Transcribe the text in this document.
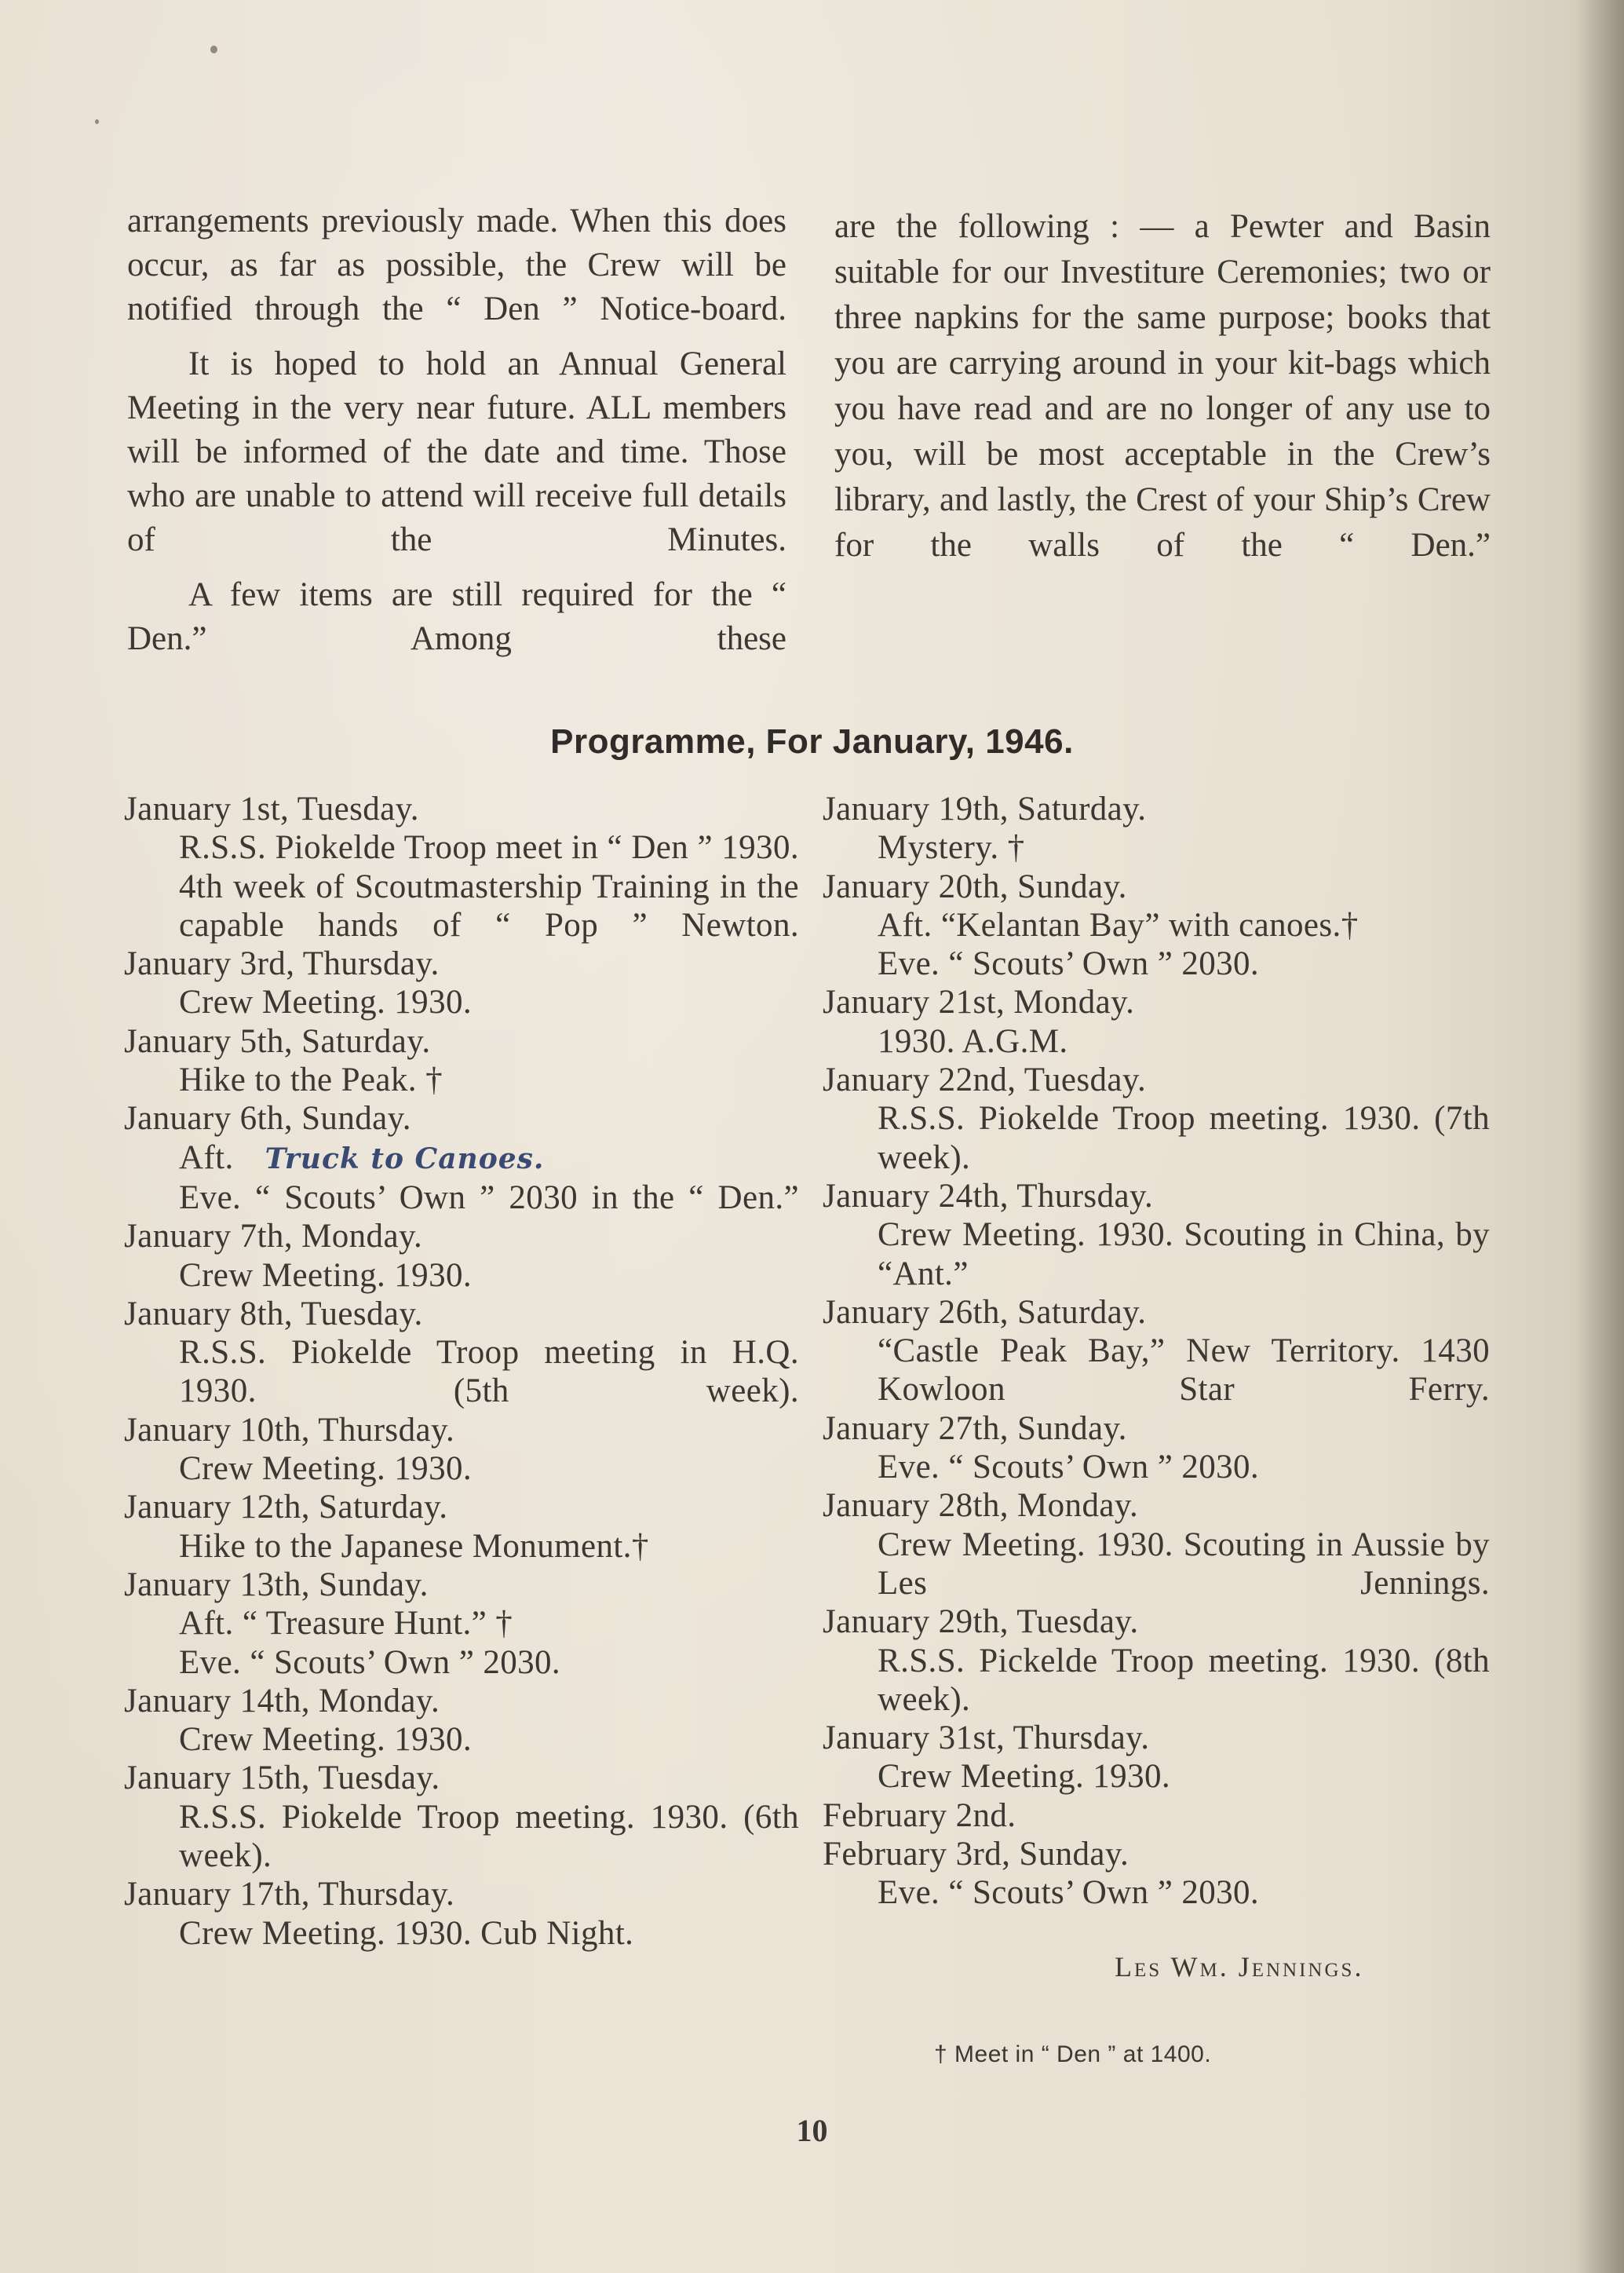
arrangements previously made. When this does occur, as far as possible, the Crew will be notified through the “ Den ” Notice-board.

It is hoped to hold an Annual General Meeting in the very near future. ALL members will be informed of the date and time. Those who are unable to attend will receive full details of the Minutes.

A few items are still required for the “ Den.” Among these

are the following : — a Pewter and Basin suitable for our Investiture Ceremonies; two or three napkins for the same purpose; books that you are carrying around in your kit-bags which you have read and are no longer of any use to you, will be most acceptable in the Crew’s library, and lastly, the Crest of your Ship’s Crew for the walls of the “ Den.”

Programme, For January, 1946.
January 1st, Tuesday.
R.S.S. Piokelde Troop meet in “ Den ” 1930.
4th week of Scoutmastership Training in the capable hands of “ Pop ” Newton.
January 3rd, Thursday.
Crew Meeting. 1930.
January 5th, Saturday.
Hike to the Peak. †
January 6th, Sunday.
Aft. Truck to Canoes.
Eve. “ Scouts’ Own ” 2030 in the “ Den.”
January 7th, Monday.
Crew Meeting. 1930.
January 8th, Tuesday.
R.S.S. Piokelde Troop meeting in H.Q. 1930. (5th week).
January 10th, Thursday.
Crew Meeting. 1930.
January 12th, Saturday.
Hike to the Japanese Monument.†
January 13th, Sunday.
Aft. “ Treasure Hunt.” †
Eve. “ Scouts’ Own ” 2030.
January 14th, Monday.
Crew Meeting. 1930.
January 15th, Tuesday.
R.S.S. Piokelde Troop meeting. 1930. (6th week).
January 17th, Thursday.
Crew Meeting. 1930. Cub Night.
January 19th, Saturday.
Mystery. †
January 20th, Sunday.
Aft. “Kelantan Bay” with canoes.†
Eve. “ Scouts’ Own ” 2030.
January 21st, Monday.
1930. A.G.M.
January 22nd, Tuesday.
R.S.S. Piokelde Troop meeting. 1930. (7th week).
January 24th, Thursday.
Crew Meeting. 1930. Scouting in China, by “Ant.”
January 26th, Saturday.
“Castle Peak Bay,” New Territory. 1430 Kowloon Star Ferry.
January 27th, Sunday.
Eve. “ Scouts’ Own ” 2030.
January 28th, Monday.
Crew Meeting. 1930. Scouting in Aussie by Les Jennings.
January 29th, Tuesday.
R.S.S. Pickelde Troop meeting. 1930. (8th week).
January 31st, Thursday.
Crew Meeting. 1930.
February 2nd.
February 3rd, Sunday.
Eve. “ Scouts’ Own ” 2030.
Les Wm. Jennings.
† Meet in “ Den ” at 1400.
10
